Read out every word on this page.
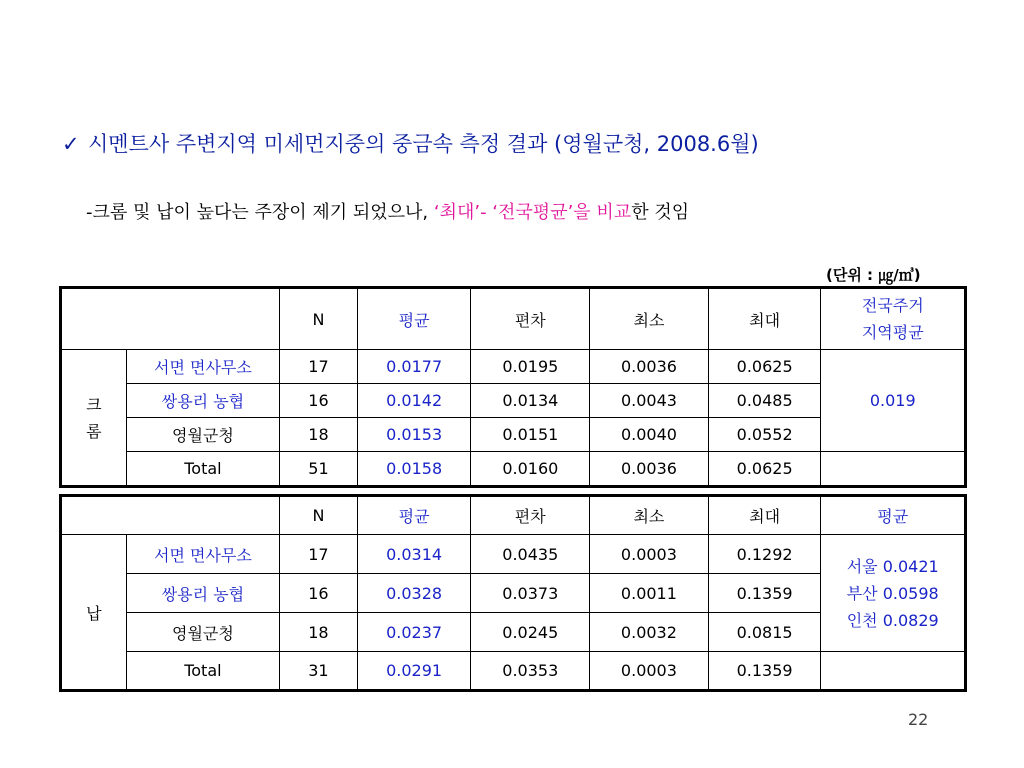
✓ 시멘트사 주변지역 미세먼지중의 중금속 측정 결과 (영월군청, 2008.6월)
-크롬 및 납이 높다는 주장이 제기 되었으나, ‘최대’- ‘전국평균’을 비교한 것임
(단위 : ㎍/㎥)
		N	평균	편차	최소	최대	전국주거
지역평균

크
롬	서면 면사무소	17	0.0177	0.0195	0.0036	0.0625	0.019
	쌍용리 농협	16	0.0142	0.0134	0.0043	0.0485	
	영월군청	18	0.0153	0.0151	0.0040	0.0552	
	Total	51	0.0158	0.0160	0.0036	0.0625	
		N	평균	편차	최소	최대	평균
납	서면 면사무소	17	0.0314	0.0435	0.0003	0.1292	서울 0.0421
부산 0.0598
인천 0.0829

	쌍용리 농협	16	0.0328	0.0373	0.0011	0.1359	
	영월군청	18	0.0237	0.0245	0.0032	0.0815	
	Total	31	0.0291	0.0353	0.0003	0.1359	
22
